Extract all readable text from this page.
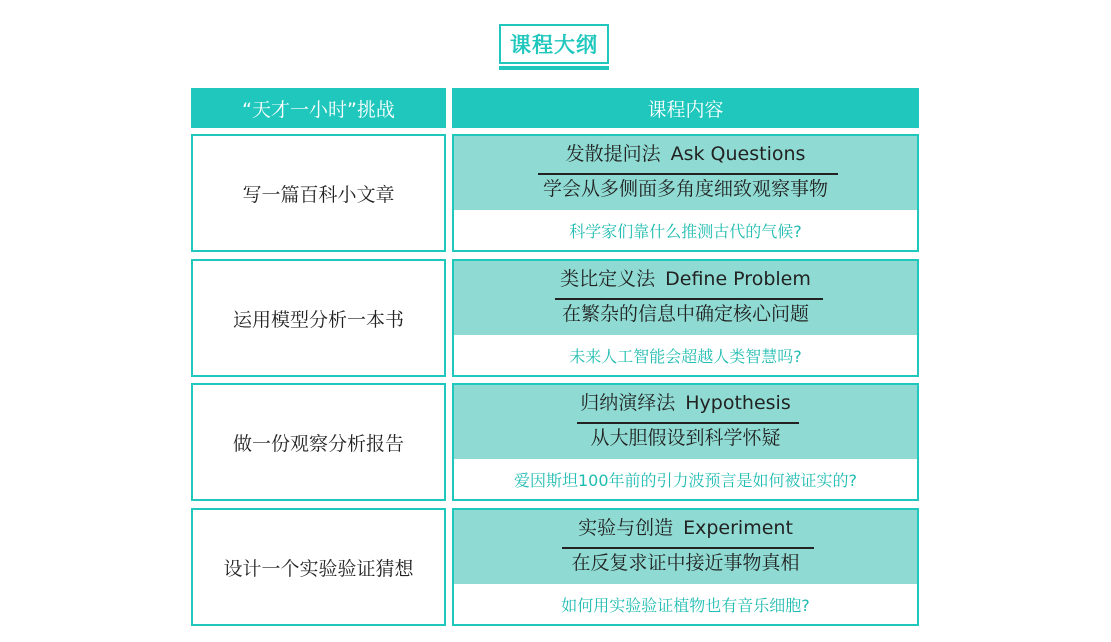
课程大纲
“天才一小时”挑战	课程内容
写一篇百科小文章
发散提问法 Ask Questions
学会从多侧面多角度细致观察事物
科学家们靠什么推测古代的气候?
运用模型分析一本书
类比定义法 Define Problem
在繁杂的信息中确定核心问题
未来人工智能会超越人类智慧吗?
做一份观察分析报告
归纳演绎法 Hypothesis
从大胆假设到科学怀疑
爱因斯坦100年前的引力波预言是如何被证实的?
设计一个实验验证猜想
实验与创造 Experiment
在反复求证中接近事物真相
如何用实验验证植物也有音乐细胞?
